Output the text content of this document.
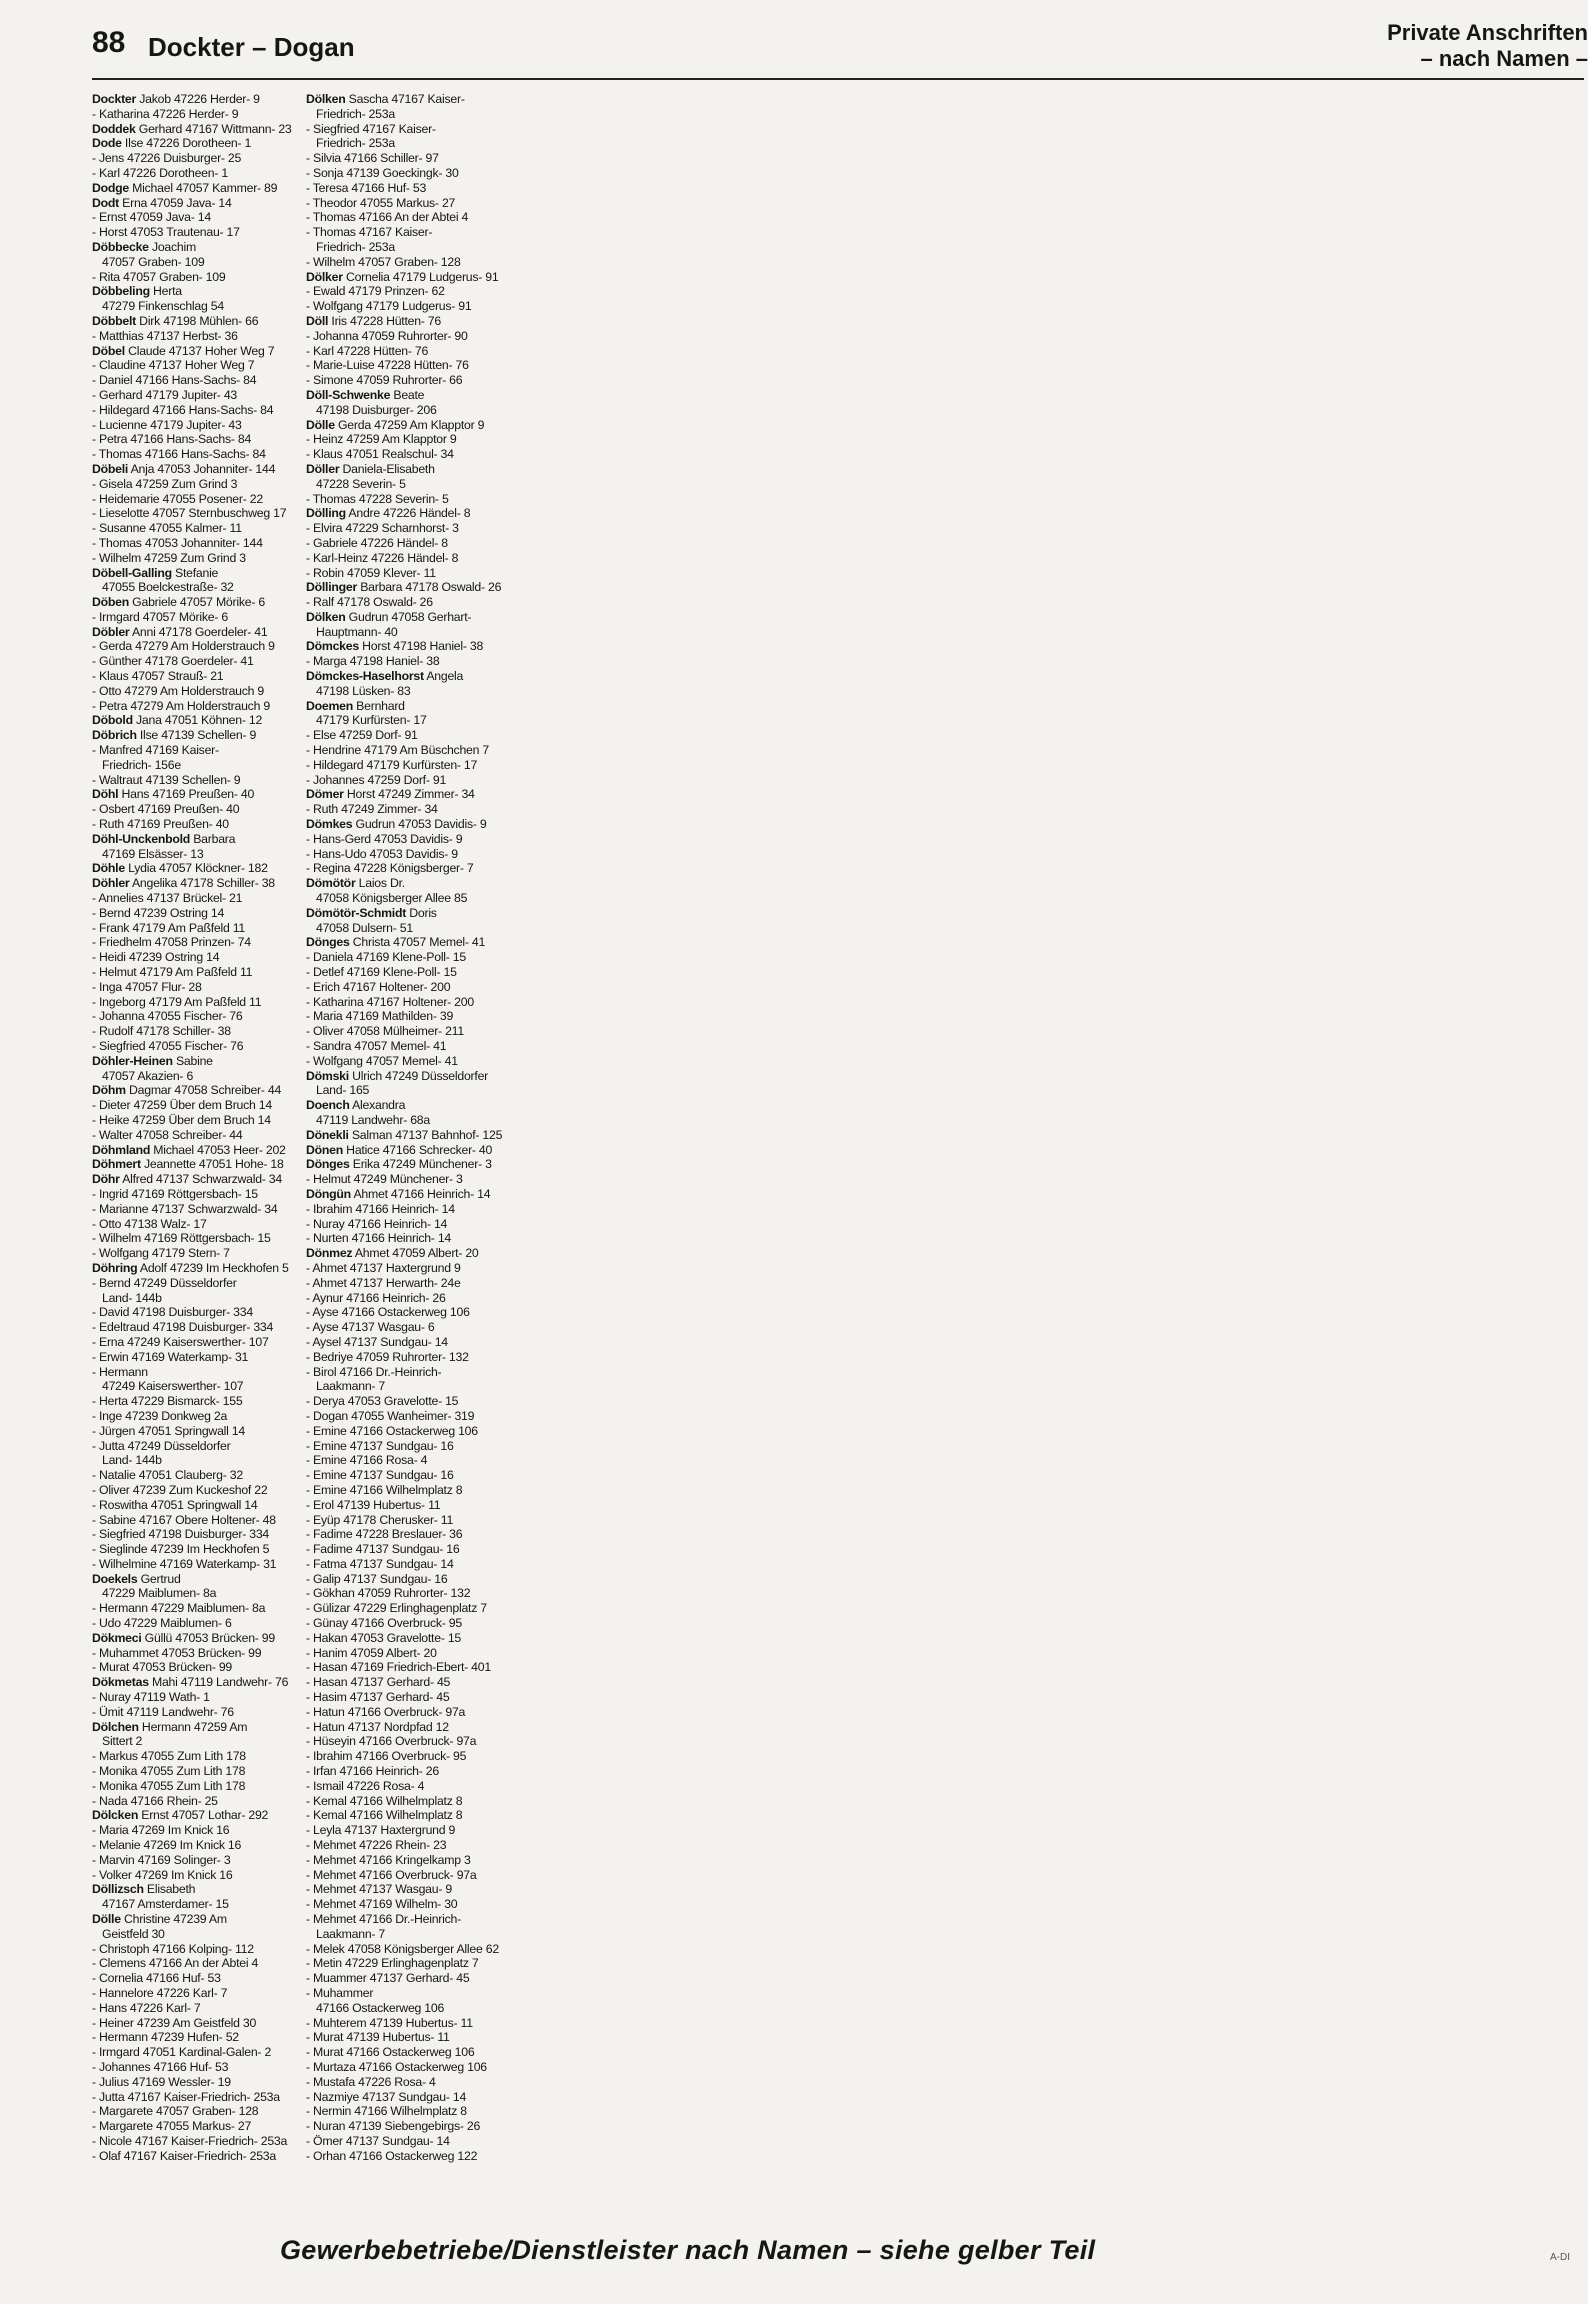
88 Dockter – Dogan	Private Anschriften
– nach Namen –

Dockter Jakob 47226 Herder- 9

- Katharina 47226 Herder- 9

Doddek Gerhard 47167 Wittmann- 23

Dode Ilse 47226 Dorotheen- 1

- Jens 47226 Duisburger- 25

- Karl 47226 Dorotheen- 1

Dodge Michael 47057 Kammer- 89

Dodt Erna 47059 Java- 14

- Ernst 47059 Java- 14

- Horst 47053 Trautenau- 17

Döbbecke Joachim

47057 Graben- 109

- Rita 47057 Graben- 109

Döbbeling Herta

47279 Finkenschlag 54

Döbbelt Dirk 47198 Mühlen- 66

- Matthias 47137 Herbst- 36

Döbel Claude 47137 Hoher Weg 7

- Claudine 47137 Hoher Weg 7

- Daniel 47166 Hans-Sachs- 84

- Gerhard 47179 Jupiter- 43

- Hildegard 47166 Hans-Sachs- 84

- Lucienne 47179 Jupiter- 43

- Petra 47166 Hans-Sachs- 84

- Thomas 47166 Hans-Sachs- 84

Döbeli Anja 47053 Johanniter- 144

- Gisela 47259 Zum Grind 3

- Heidemarie 47055 Posener- 22

- Lieselotte 47057 Sternbuschweg 17

- Susanne 47055 Kalmer- 11

- Thomas 47053 Johanniter- 144

- Wilhelm 47259 Zum Grind 3

Döbell-Galling Stefanie

47055 Boelckestraße- 32

Döben Gabriele 47057 Mörike- 6

- Irmgard 47057 Mörike- 6

Döbler Anni 47178 Goerdeler- 41

- Gerda 47279 Am Holderstrauch 9

- Günther 47178 Goerdeler- 41

- Klaus 47057 Strauß- 21

- Otto 47279 Am Holderstrauch 9

- Petra 47279 Am Holderstrauch 9

Döbold Jana 47051 Köhnen- 12

Döbrich Ilse 47139 Schellen- 9

- Manfred 47169 Kaiser-

Friedrich- 156e

- Waltraut 47139 Schellen- 9

Döhl Hans 47169 Preußen- 40

- Osbert 47169 Preußen- 40

- Ruth 47169 Preußen- 40

Döhl-Unckenbold Barbara

47169 Elsässer- 13

Döhle Lydia 47057 Klöckner- 182

Döhler Angelika 47178 Schiller- 38

- Annelies 47137 Brückel- 21

- Bernd 47239 Ostring 14

- Frank 47179 Am Paßfeld 11

- Friedhelm 47058 Prinzen- 74

- Heidi 47239 Ostring 14

- Helmut 47179 Am Paßfeld 11

- Inga 47057 Flur- 28

- Ingeborg 47179 Am Paßfeld 11

- Johanna 47055 Fischer- 76

- Rudolf 47178 Schiller- 38

- Siegfried 47055 Fischer- 76

Döhler-Heinen Sabine

47057 Akazien- 6

Döhm Dagmar 47058 Schreiber- 44

- Dieter 47259 Über dem Bruch 14

- Heike 47259 Über dem Bruch 14

- Walter 47058 Schreiber- 44

Döhmland Michael 47053 Heer- 202

Döhmert Jeannette 47051 Hohe- 18

Döhr Alfred 47137 Schwarzwald- 34

- Ingrid 47169 Röttgersbach- 15

- Marianne 47137 Schwarzwald- 34

- Otto 47138 Walz- 17

- Wilhelm 47169 Röttgersbach- 15

- Wolfgang 47179 Stern- 7

Döhring Adolf 47239 Im Heckhofen 5

- Bernd 47249 Düsseldorfer

Land- 144b

- David 47198 Duisburger- 334

- Edeltraud 47198 Duisburger- 334

- Erna 47249 Kaiserswerther- 107

- Erwin 47169 Waterkamp- 31

- Hermann

47249 Kaiserswerther- 107

- Herta 47229 Bismarck- 155

- Inge 47239 Donkweg 2a

- Jürgen 47051 Springwall 14

- Jutta 47249 Düsseldorfer

Land- 144b

- Natalie 47051 Clauberg- 32

- Oliver 47239 Zum Kuckeshof 22

- Roswitha 47051 Springwall 14

- Sabine 47167 Obere Holtener- 48

- Siegfried 47198 Duisburger- 334

- Sieglinde 47239 Im Heckhofen 5

- Wilhelmine 47169 Waterkamp- 31

Doekels Gertrud

47229 Maiblumen- 8a

- Hermann 47229 Maiblumen- 8a

- Udo 47229 Maiblumen- 6

Dökmeci Güllü 47053 Brücken- 99

- Muhammet 47053 Brücken- 99

- Murat 47053 Brücken- 99

Dökmetas Mahi 47119 Landwehr- 76

- Nuray 47119 Wath- 1

- Ümit 47119 Landwehr- 76

Dölchen Hermann 47259 Am

Sittert 2

- Markus 47055 Zum Lith 178

- Monika 47055 Zum Lith 178

- Monika 47055 Zum Lith 178

- Nada 47166 Rhein- 25

Dölcken Ernst 47057 Lothar- 292

- Maria 47269 Im Knick 16

- Melanie 47269 Im Knick 16

- Marvin 47169 Solinger- 3

- Volker 47269 Im Knick 16

Döllizsch Elisabeth

47167 Amsterdamer- 15

Dölle Christine 47239 Am

Geistfeld 30

- Christoph 47166 Kolping- 112

- Clemens 47166 An der Abtei 4

- Cornelia 47166 Huf- 53

- Hannelore 47226 Karl- 7

- Hans 47226 Karl- 7

- Heiner 47239 Am Geistfeld 30

- Hermann 47239 Hufen- 52

- Irmgard 47051 Kardinal-Galen- 2

- Johannes 47166 Huf- 53

- Julius 47169 Wessler- 19

- Jutta 47167 Kaiser-Friedrich- 253a

- Margarete 47057 Graben- 128

- Margarete 47055 Markus- 27

- Nicole 47167 Kaiser-Friedrich- 253a

- Olaf 47167 Kaiser-Friedrich- 253a

Dölken Sascha 47167 Kaiser-

Friedrich- 253a

- Siegfried 47167 Kaiser-

Friedrich- 253a

- Silvia 47166 Schiller- 97

- Sonja 47139 Goeckingk- 30

- Teresa 47166 Huf- 53

- Theodor 47055 Markus- 27

- Thomas 47166 An der Abtei 4

- Thomas 47167 Kaiser-

Friedrich- 253a

- Wilhelm 47057 Graben- 128

Dölker Cornelia 47179 Ludgerus- 91

- Ewald 47179 Prinzen- 62

- Wolfgang 47179 Ludgerus- 91

Döll Iris 47228 Hütten- 76

- Johanna 47059 Ruhrorter- 90

- Karl 47228 Hütten- 76

- Marie-Luise 47228 Hütten- 76

- Simone 47059 Ruhrorter- 66

Döll-Schwenke Beate

47198 Duisburger- 206

Dölle Gerda 47259 Am Klapptor 9

- Heinz 47259 Am Klapptor 9

- Klaus 47051 Realschul- 34

Döller Daniela-Elisabeth

47228 Severin- 5

- Thomas 47228 Severin- 5

Dölling Andre 47226 Händel- 8

- Elvira 47229 Scharnhorst- 3

- Gabriele 47226 Händel- 8

- Karl-Heinz 47226 Händel- 8

- Robin 47059 Klever- 11

Döllinger Barbara 47178 Oswald- 26

- Ralf 47178 Oswald- 26

Dölken Gudrun 47058 Gerhart-

Hauptmann- 40

Dömckes Horst 47198 Haniel- 38

- Marga 47198 Haniel- 38

Dömckes-Haselhorst Angela

47198 Lüsken- 83

Doemen Bernhard

47179 Kurfürsten- 17

- Else 47259 Dorf- 91

- Hendrine 47179 Am Büschchen 7

- Hildegard 47179 Kurfürsten- 17

- Johannes 47259 Dorf- 91

Dömer Horst 47249 Zimmer- 34

- Ruth 47249 Zimmer- 34

Dömkes Gudrun 47053 Davidis- 9

- Hans-Gerd 47053 Davidis- 9

- Hans-Udo 47053 Davidis- 9

- Regina 47228 Königsberger- 7

Dömötör Laios Dr.

47058 Königsberger Allee 85

Dömötör-Schmidt Doris

47058 Dulsern- 51

Dönges Christa 47057 Memel- 41

- Daniela 47169 Klene-Poll- 15

- Detlef 47169 Klene-Poll- 15

- Erich 47167 Holtener- 200

- Katharina 47167 Holtener- 200

- Maria 47169 Mathilden- 39

- Oliver 47058 Mülheimer- 211

- Sandra 47057 Memel- 41

- Wolfgang 47057 Memel- 41

Dömski Ulrich 47249 Düsseldorfer

Land- 165

Doench Alexandra

47119 Landwehr- 68a

Dönekli Salman 47137 Bahnhof- 125

Dönen Hatice 47166 Schrecker- 40

Dönges Erika 47249 Münchener- 3

- Helmut 47249 Münchener- 3

Döngün Ahmet 47166 Heinrich- 14

- Ibrahim 47166 Heinrich- 14

- Nuray 47166 Heinrich- 14

- Nurten 47166 Heinrich- 14

Dönmez Ahmet 47059 Albert- 20

- Ahmet 47137 Haxtergrund 9

- Ahmet 47137 Herwarth- 24e

- Aynur 47166 Heinrich- 26

- Ayse 47166 Ostackerweg 106

- Ayse 47137 Wasgau- 6

- Aysel 47137 Sundgau- 14

- Bedriye 47059 Ruhrorter- 132

- Birol 47166 Dr.-Heinrich-

Laakmann- 7

- Derya 47053 Gravelotte- 15

- Dogan 47055 Wanheimer- 319

- Emine 47166 Ostackerweg 106

- Emine 47137 Sundgau- 16

- Emine 47166 Rosa- 4

- Emine 47137 Sundgau- 16

- Emine 47166 Wilhelmplatz 8

- Erol 47139 Hubertus- 11

- Eyüp 47178 Cherusker- 11

- Fadime 47228 Breslauer- 36

- Fadime 47137 Sundgau- 16

- Fatma 47137 Sundgau- 14

- Galip 47137 Sundgau- 16

- Gökhan 47059 Ruhrorter- 132

- Gülizar 47229 Erlinghagenplatz 7

- Günay 47166 Overbruck- 95

- Hakan 47053 Gravelotte- 15

- Hanim 47059 Albert- 20

- Hasan 47169 Friedrich-Ebert- 401

- Hasan 47137 Gerhard- 45

- Hasim 47137 Gerhard- 45

- Hatun 47166 Overbruck- 97a

- Hatun 47137 Nordpfad 12

- Hüseyin 47166 Overbruck- 97a

- Ibrahim 47166 Overbruck- 95

- Irfan 47166 Heinrich- 26

- Ismail 47226 Rosa- 4

- Kemal 47166 Wilhelmplatz 8

- Kemal 47166 Wilhelmplatz 8

- Leyla 47137 Haxtergrund 9

- Mehmet 47226 Rhein- 23

- Mehmet 47166 Kringelkamp 3

- Mehmet 47166 Overbruck- 97a

- Mehmet 47137 Wasgau- 9

- Mehmet 47169 Wilhelm- 30

- Mehmet 47166 Dr.-Heinrich-

Laakmann- 7

- Melek 47058 Königsberger Allee 62

- Metin 47229 Erlinghagenplatz 7

- Muammer 47137 Gerhard- 45

- Muhammer

47166 Ostackerweg 106

- Muhterem 47139 Hubertus- 11

- Murat 47139 Hubertus- 11

- Murat 47166 Ostackerweg 106

- Murtaza 47166 Ostackerweg 106

- Mustafa 47226 Rosa- 4

- Nazmiye 47137 Sundgau- 14

- Nermin 47166 Wilhelmplatz 8

- Nuran 47139 Siebengebirgs- 26

- Ömer 47137 Sundgau- 14

- Orhan 47166 Ostackerweg 122

Gewerbebetriebe/Dienstleister nach Namen – siehe gelber Teil	A-DI
